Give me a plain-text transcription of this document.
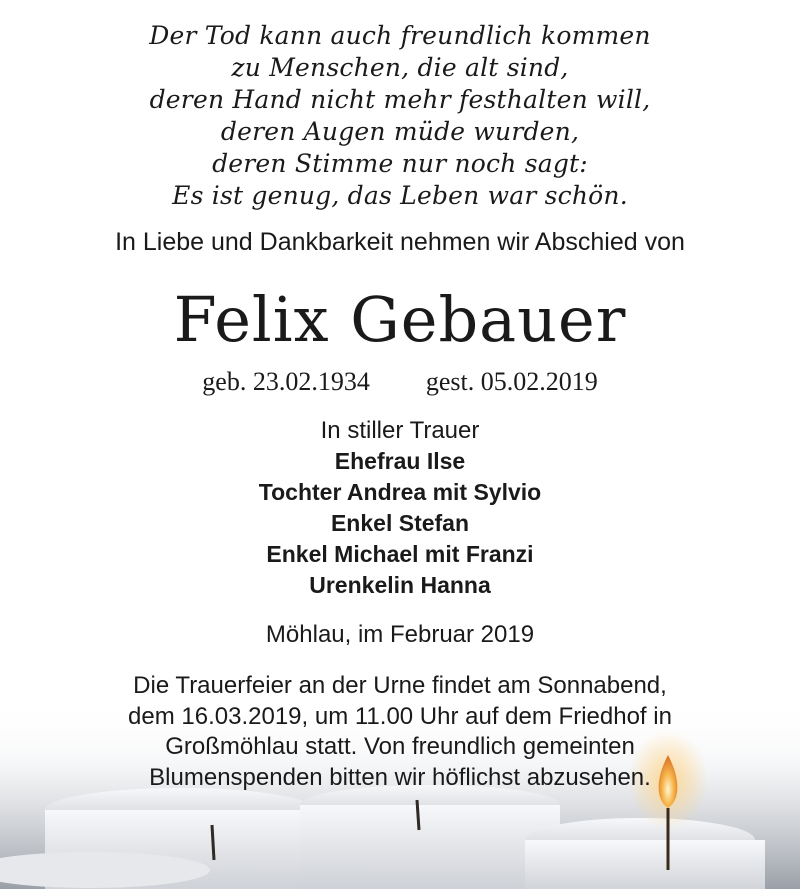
Der Tod kann auch freundlich kommen
zu Menschen, die alt sind,
deren Hand nicht mehr festhalten will,
deren Augen müde wurden,
deren Stimme nur noch sagt:
Es ist genug, das Leben war schön.
In Liebe und Dankbarkeit nehmen wir Abschied von
Felix Gebauer
geb. 23.02.1934 gest. 05.02.2019
In stiller Trauer
Ehefrau Ilse
Tochter Andrea mit Sylvio
Enkel Stefan
Enkel Michael mit Franzi
Urenkelin Hanna
Möhlau, im Februar 2019
Die Trauerfeier an der Urne findet am Sonnabend,
dem 16.03.2019, um 11.00 Uhr auf dem Friedhof in
Großmöhlau statt. Von freundlich gemeinten
Blumenspenden bitten wir höflichst abzusehen.
